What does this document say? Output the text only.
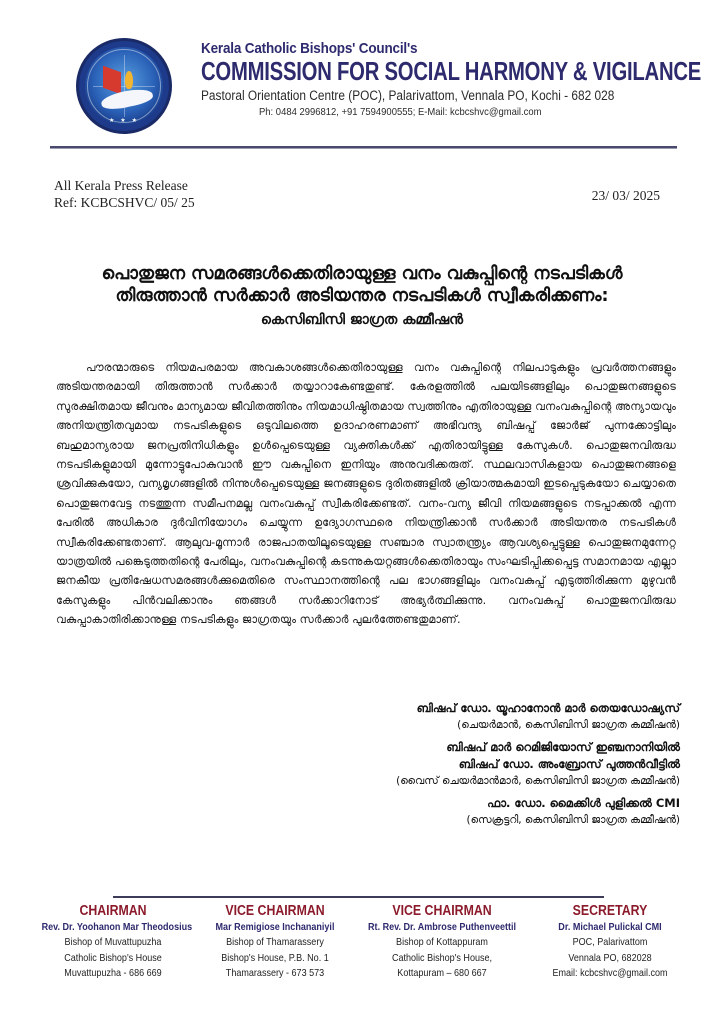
★ ★ ★
Kerala Catholic Bishops' Council's
COMMISSION FOR SOCIAL HARMONY & VIGILANCE
Pastoral Orientation Centre (POC), Palarivattom, Vennala PO, Kochi - 682 028
Ph: 0484 2996812, +91 7594900555; E-Mail: kcbcshvc@gmail.com
All Kerala Press Release
Ref: KCBCSHVC/ 05/ 25	23/ 03/ 2025
പൊതുജന സമരങ്ങൾക്കെതിരായുള്ള വനം വകുപ്പിന്റെ നടപടികൾ
തിരുത്താൻ സർക്കാർ അടിയന്തര നടപടികൾ സ്വീകരിക്കണം:
കെസിബിസി ജാഗ്രത കമ്മീഷൻ
പൗരന്മാരുടെ നിയമപരമായ അവകാശങ്ങൾക്കെതിരായുള്ള വനം വകുപ്പിന്റെ നിലപാടുകളും പ്രവർത്തനങ്ങളും അടിയന്തരമായി തിരുത്താൻ സർക്കാർ തയ്യാറാകേണ്ടതുണ്ട്. കേരളത്തിൽ പലയിടങ്ങളിലും പൊതുജനങ്ങളുടെ സുരക്ഷിതമായ ജീവനും മാന്യമായ ജീവിതത്തിനും നിയമാധിഷ്ഠിതമായ സ്വത്തിനും എതിരായുള്ള വനംവകുപ്പിന്റെ അന്യായവും അനിയന്ത്രിതവുമായ നടപടികളുടെ ഒടുവിലത്തെ ഉദാഹരണമാണ് അഭിവന്ദ്യ ബിഷപ്പ് ജോർജ് പുന്നക്കോട്ടിലും ബഹുമാന്യരായ ജനപ്രതിനിധികളും ഉൾപ്പെടെയുള്ള വ്യക്തികൾക്ക് എതിരായിട്ടുള്ള കേസുകൾ. പൊതുജനവിരുദ്ധ നടപടികളുമായി മുന്നോട്ടുപോകുവാൻ ഈ വകുപ്പിനെ ഇനിയും അനുവദിക്കരുത്. സ്ഥലവാസികളായ പൊതുജനങ്ങളെ ശ്രവിക്കുകയോ, വന്യമൃഗങ്ങളിൽ നിന്നുൾപ്പെടെയുള്ള ജനങ്ങളുടെ ദുരിതങ്ങളിൽ ക്രിയാത്മകമായി ഇടപ്പെടുകയോ ചെയ്യാതെ പൊതുജനവേട്ട നടത്തുന്ന സമീപനമല്ല വനംവകുപ്പ് സ്വീകരിക്കേണ്ടത്. വനം-വന്യ ജീവി നിയമങ്ങളുടെ നടപ്പാക്കൽ എന്ന പേരിൽ അധികാര ദുർവിനിയോഗം ചെയ്യുന്ന ഉദ്യോഗസ്ഥരെ നിയന്ത്രിക്കാൻ സർക്കാർ അടിയന്തര നടപടികൾ സ്വീകരിക്കേണ്ടതാണ്. ആലുവ-മൂന്നാർ രാജപാതയിലൂടെയുള്ള സഞ്ചാര സ്വാതന്ത്ര്യം ആവശ്യപ്പെട്ടുള്ള പൊതുജനമുന്നേറ്റ യാത്രയിൽ പങ്കെടുത്തതിന്റെ പേരിലും, വനംവകുപ്പിന്റെ കടന്നുകയറ്റങ്ങൾക്കെതിരായും സംഘടിപ്പിക്കപ്പെട്ട സമാനമായ എല്ലാ ജനകീയ പ്രതിഷേധസമരങ്ങൾക്കുമെതിരെ സംസ്ഥാനത്തിന്റെ പല ഭാഗങ്ങളിലും വനംവകുപ്പ് എടുത്തിരിക്കുന്ന മുഴുവൻ കേസുകളും പിൻവലിക്കാനും ഞങ്ങൾ സർക്കാറിനോട് അഭ്യർത്ഥിക്കുന്നു. വനംവകുപ്പ് പൊതുജനവിരുദ്ധ വകുപ്പാകാതിരിക്കാനുള്ള നടപടികളും ജാഗ്രതയും സർക്കാർ പുലർത്തേണ്ടതുമാണ്.
ബിഷപ് ഡോ. യൂഹാനോൻ മാർ തെയഡോഷ്യസ്
(ചെയർമാൻ, കെസിബിസി ജാഗ്രത കമ്മീഷൻ)
ബിഷപ് മാർ റെമിജിയോസ് ഇഞ്ചനാനിയിൽ
ബിഷപ് ഡോ. അംബ്രോസ് പുത്തൻവീട്ടിൽ
(വൈസ് ചെയർമാൻമാർ, കെസിബിസി ജാഗ്രത കമ്മീഷൻ)
ഫാ. ഡോ. മൈക്കിൾ പുളിക്കൽ CMI
(സെക്രട്ടറി, കെസിബിസി ജാഗ്രത കമ്മീഷൻ)
CHAIRMAN
Rev. Dr. Yoohanon Mar Theodosius
Bishop of Muvattupuzha
Catholic Bishop's House
Muvattupuzha - 686 669
VICE CHAIRMAN
Mar Remigiose Inchananiyil
Bishop of Thamarassery
Bishop's House, P.B. No. 1
Thamarassery - 673 573
VICE CHAIRMAN
Rt. Rev. Dr. Ambrose Puthenveettil
Bishop of Kottappuram
Catholic Bishop's House,
Kottapuram – 680 667
SECRETARY
Dr. Michael Pulickal CMI
POC, Palarivattom
Vennala PO, 682028
Email: kcbcshvc@gmail.com
